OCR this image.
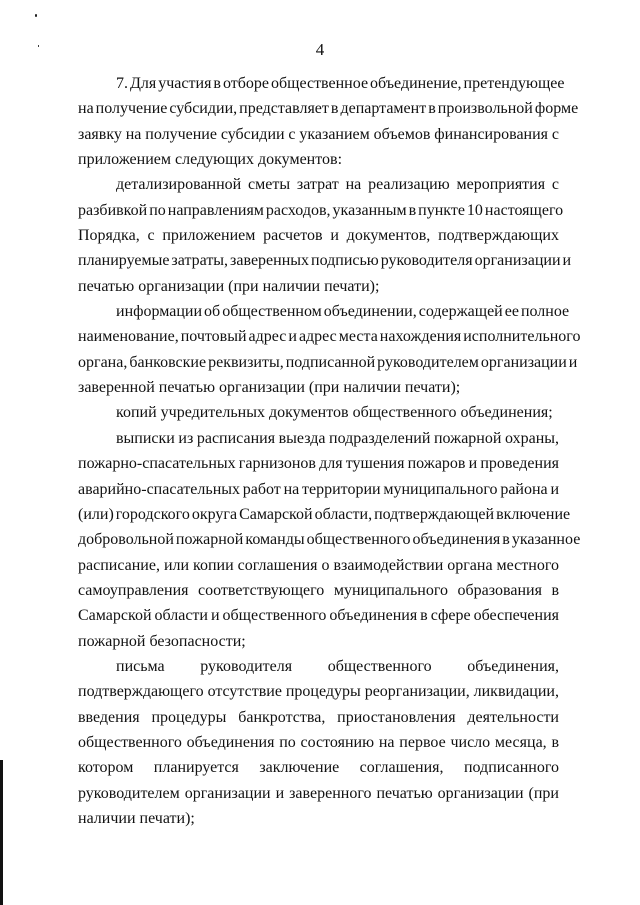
4
7. Для участия в отборе общественное объединение, претендующее
на получение субсидии, представляет в департамент в произвольной форме
заявку на получение субсидии с указанием объемов финансирования с
приложением следующих документов:
детализированной сметы затрат на реализацию мероприятия с
разбивкой по направлениям расходов, указанным в пункте 10 настоящего
Порядка, с приложением расчетов и документов, подтверждающих
планируемые затраты, заверенных подписью руководителя организации и
печатью организации (при наличии печати);
информации об общественном объединении, содержащей ее полное
наименование, почтовый адрес и адрес места нахождения исполнительного
органа, банковские реквизиты, подписанной руководителем организации и
заверенной печатью организации (при наличии печати);
копий учредительных документов общественного объединения;
выписки из расписания выезда подразделений пожарной охраны,
пожарно-спасательных гарнизонов для тушения пожаров и проведения
аварийно-спасательных работ на территории муниципального района и
(или) городского округа Самарской области, подтверждающей включение
добровольной пожарной команды общественного объединения в указанное
расписание, или копии соглашения о взаимодействии органа местного
самоуправления соответствующего муниципального образования в
Самарской области и общественного объединения в сфере обеспечения
пожарной безопасности;
письма руководителя общественного объединения,
подтверждающего отсутствие процедуры реорганизации, ликвидации,
введения процедуры банкротства, приостановления деятельности
общественного объединения по состоянию на первое число месяца, в
котором планируется заключение соглашения, подписанного
руководителем организации и заверенного печатью организации (при
наличии печати);
